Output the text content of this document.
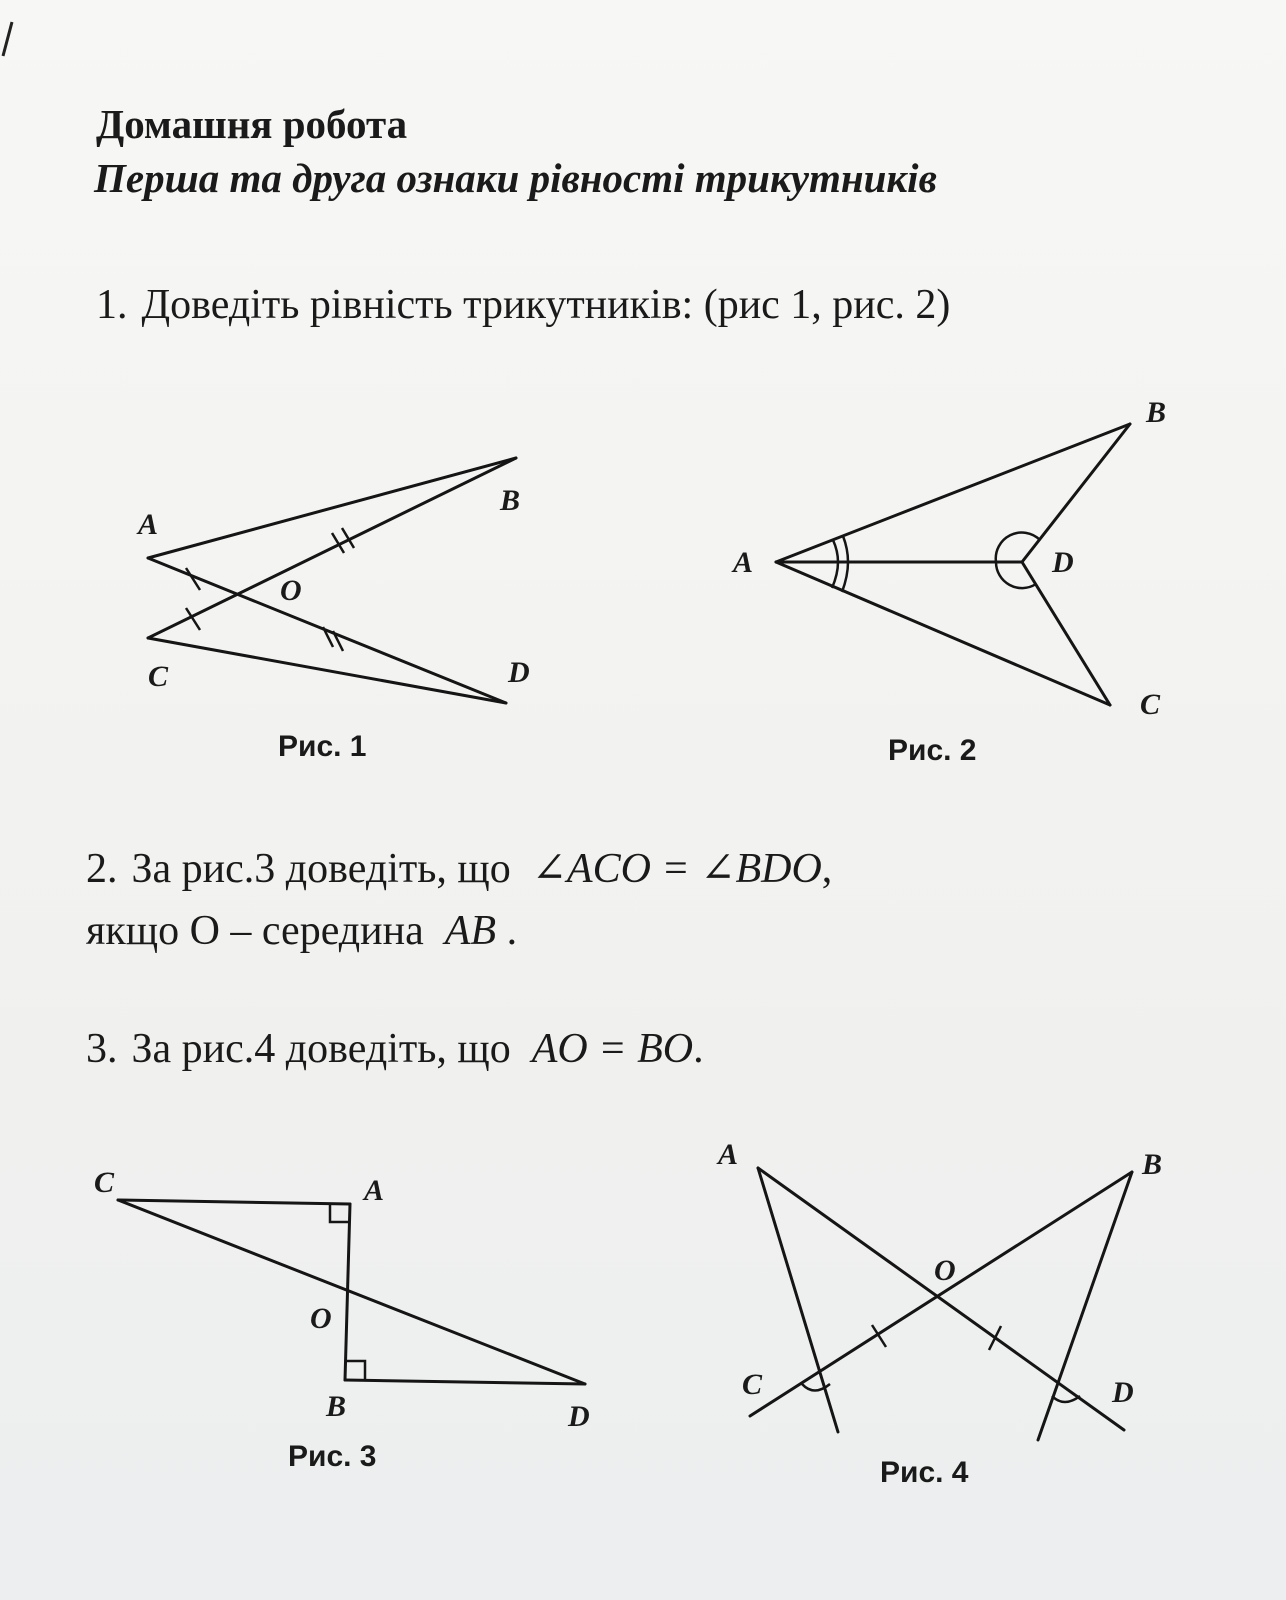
Домашня робота
Перша та друга ознаки рівності трикутників

1. Доведіть рівність трикутників: (рис 1, рис. 2)

A
B
O
C	D

Рис. 1

A
B
D
C

Рис. 2

2. За рис.3 доведіть, що ∠ACO = ∠BDO,

якщо О – середина AB .

3. За рис.4 доведіть, що AO = BO.

C	A
O
B	D

Рис. 3

A	B
O
C	D

Рис. 4
